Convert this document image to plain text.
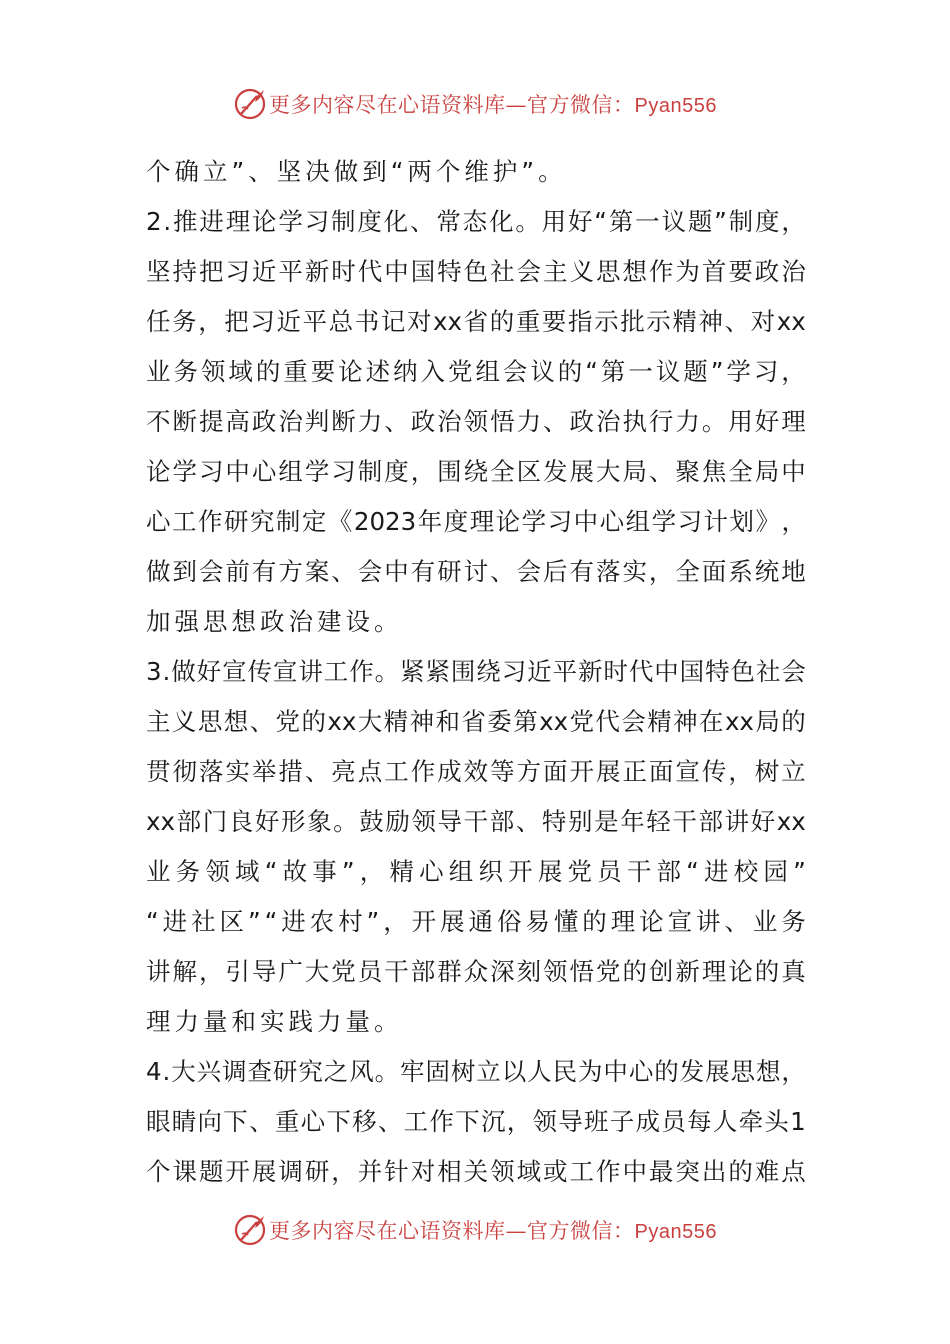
更多内容尽在心语资料库—官方微信：Pyan556
个确立”、坚决做到“两个维护”。
2 . 推 进 理 论 学 习 制 度 化 、 常 态 化 。 用 好 “ 第 一 议 题 ” 制 度 ，
坚 持 把 习 近 平 新 时 代 中 国 特 色 社 会 主 义 思 想 作 为 首 要 政 治
任 务 ， 把 习 近 平 总 书 记 对 xx 省 的 重 要 指 示 批 示 精 神 、 对 xx
业 务 领 域 的 重 要 论 述 纳 入 党 组 会 议 的 “ 第 一 议 题 ” 学 习 ，
不 断 提 高 政 治 判 断 力 、 政 治 领 悟 力 、 政 治 执 行 力 。 用 好 理
论 学 习 中 心 组 学 习 制 度 ， 围 绕 全 区 发 展 大 局 、 聚 焦 全 局 中
心 工 作 研 究 制 定 《 2023 年 度 理 论 学 习 中 心 组 学 习 计 划 》 ，
做 到 会 前 有 方 案 、 会 中 有 研 讨 、 会 后 有 落 实 ， 全 面 系 统 地
加强思想政治建设。
3 . 做 好 宣 传 宣 讲 工 作 。 紧 紧 围 绕 习 近 平 新 时 代 中 国 特 色 社 会
主 义 思 想 、 党 的 xx 大 精 神 和 省 委 第 xx 党 代 会 精 神 在 xx 局 的
贯 彻 落 实 举 措 、 亮 点 工 作 成 效 等 方 面 开 展 正 面 宣 传 ， 树 立
xx 部 门 良 好 形 象 。 鼓 励 领 导 干 部 、 特 别 是 年 轻 干 部 讲 好 xx
业 务 领 域 “ 故 事 ” ， 精 心 组 织 开 展 党 员 干 部 “ 进 校 园 ”
“ 进 社 区 ” “ 进 农 村 ” ， 开 展 通 俗 易 懂 的 理 论 宣 讲 、 业 务
讲 解 ， 引 导 广 大 党 员 干 部 群 众 深 刻 领 悟 党 的 创 新 理 论 的 真
理力量和实践力量。
4 . 大 兴 调 查 研 究 之 风 。 牢 固 树 立 以 人 民 为 中 心 的 发 展 思 想 ，
眼 睛 向 下 、 重 心 下 移 、 工 作 下 沉 ， 领 导 班 子 成 员 每 人 牵 头 1
个 课 题 开 展 调 研 ， 并 针 对 相 关 领 域 或 工 作 中 最 突 出 的 难 点
更多内容尽在心语资料库—官方微信：Pyan556
